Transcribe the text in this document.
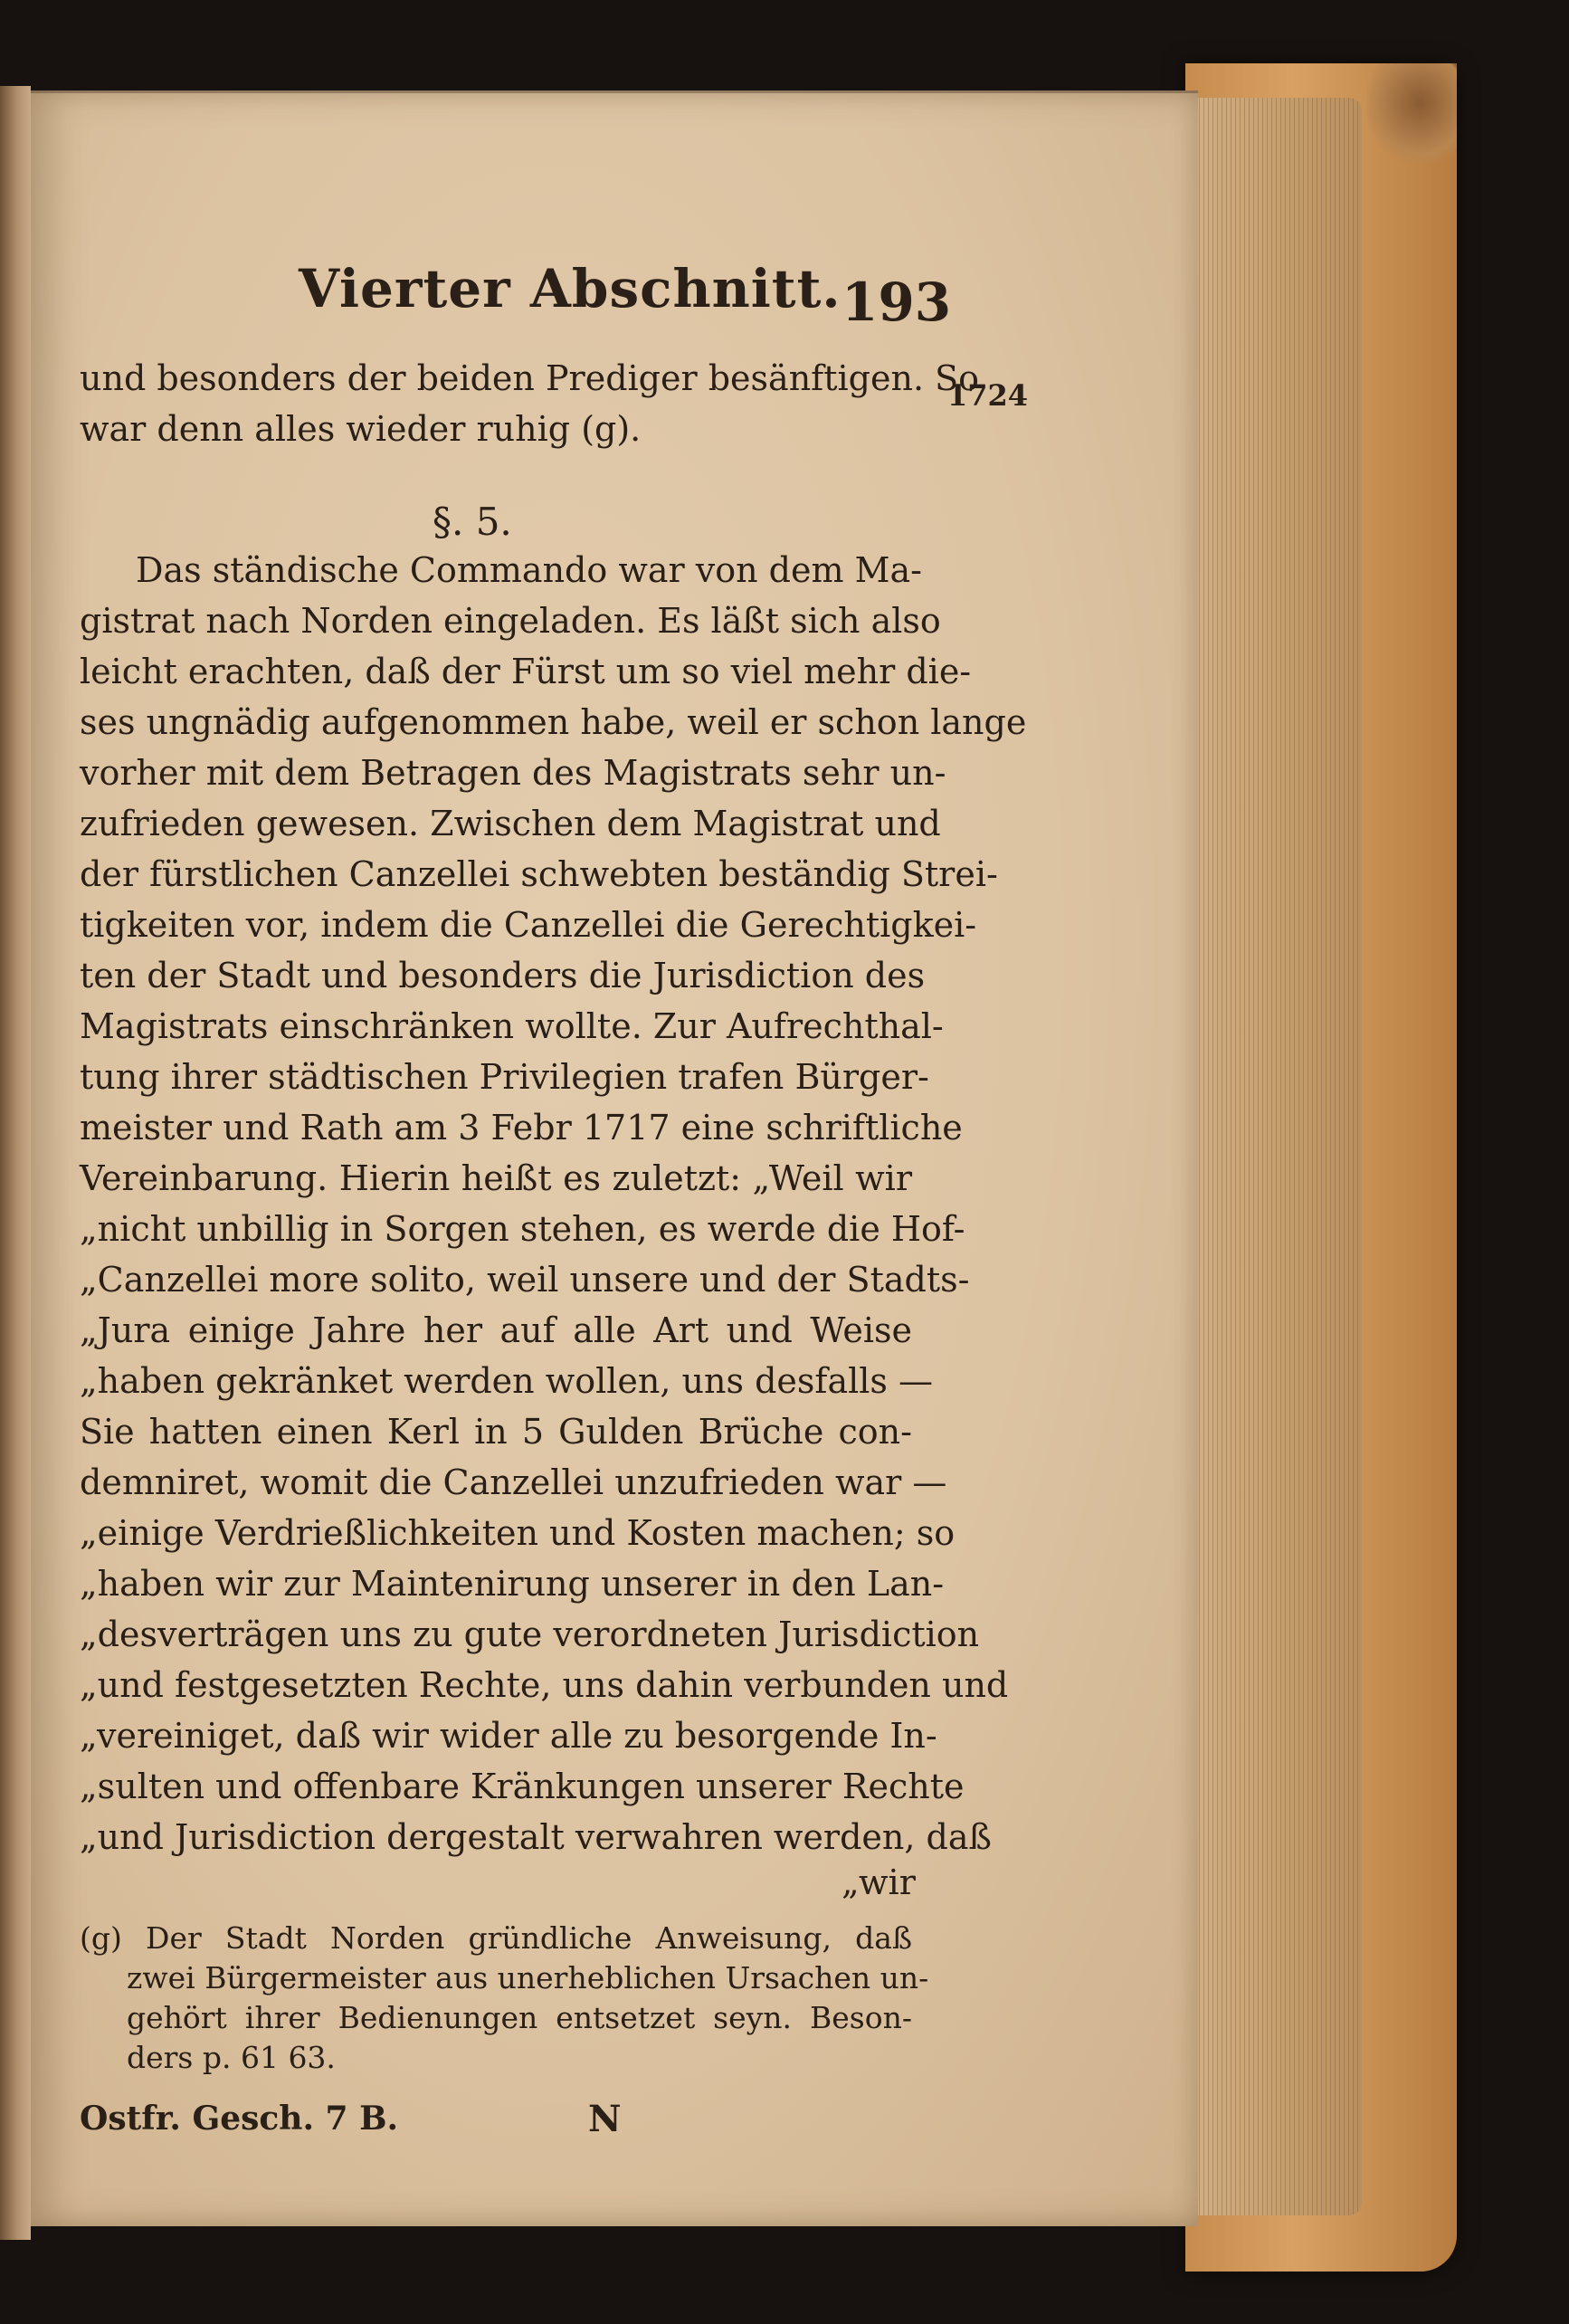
Vierter Abschnitt. 193
1724
und besonders der beiden Prediger besänftigen. So
war denn alles wieder ruhig (g).
§. 5.
Das ständische Commando war von dem Ma-
gistrat nach Norden eingeladen. Es läßt sich also
leicht erachten, daß der Fürst um so viel mehr die-
ses ungnädig aufgenommen habe, weil er schon lange
vorher mit dem Betragen des Magistrats sehr un-
zufrieden gewesen. Zwischen dem Magistrat und
der fürstlichen Canzellei schwebten beständig Strei-
tigkeiten vor, indem die Canzellei die Gerechtigkei-
ten der Stadt und besonders die Jurisdiction des
Magistrats einschränken wollte. Zur Aufrechthal-
tung ihrer städtischen Privilegien trafen Bürger-
meister und Rath am 3 Febr 1717 eine schriftliche
Vereinbarung. Hierin heißt es zuletzt: „Weil wir
„nicht unbillig in Sorgen stehen, es werde die Hof-
„Canzellei more solito, weil unsere und der Stadts-
„Jura einige Jahre her auf alle Art und Weise
„haben gekränket werden wollen, uns desfalls —
Sie hatten einen Kerl in 5 Gulden Brüche con-
demniret, womit die Canzellei unzufrieden war —
„einige Verdrießlichkeiten und Kosten machen; so
„haben wir zur Maintenirung unserer in den Lan-
„desverträgen uns zu gute verordneten Jurisdiction
„und festgesetzten Rechte, uns dahin verbunden und
„vereiniget, daß wir wider alle zu besorgende In-
„sulten und offenbare Kränkungen unserer Rechte
„und Jurisdiction dergestalt verwahren werden, daß
„wir
(g) Der Stadt Norden gründliche Anweisung, daß
zwei Bürgermeister aus unerheblichen Ursachen un-
gehört ihrer Bedienungen entsetzet seyn. Beson-
ders p. 61 63.
Ostfr. Gesch. 7 B.	N
